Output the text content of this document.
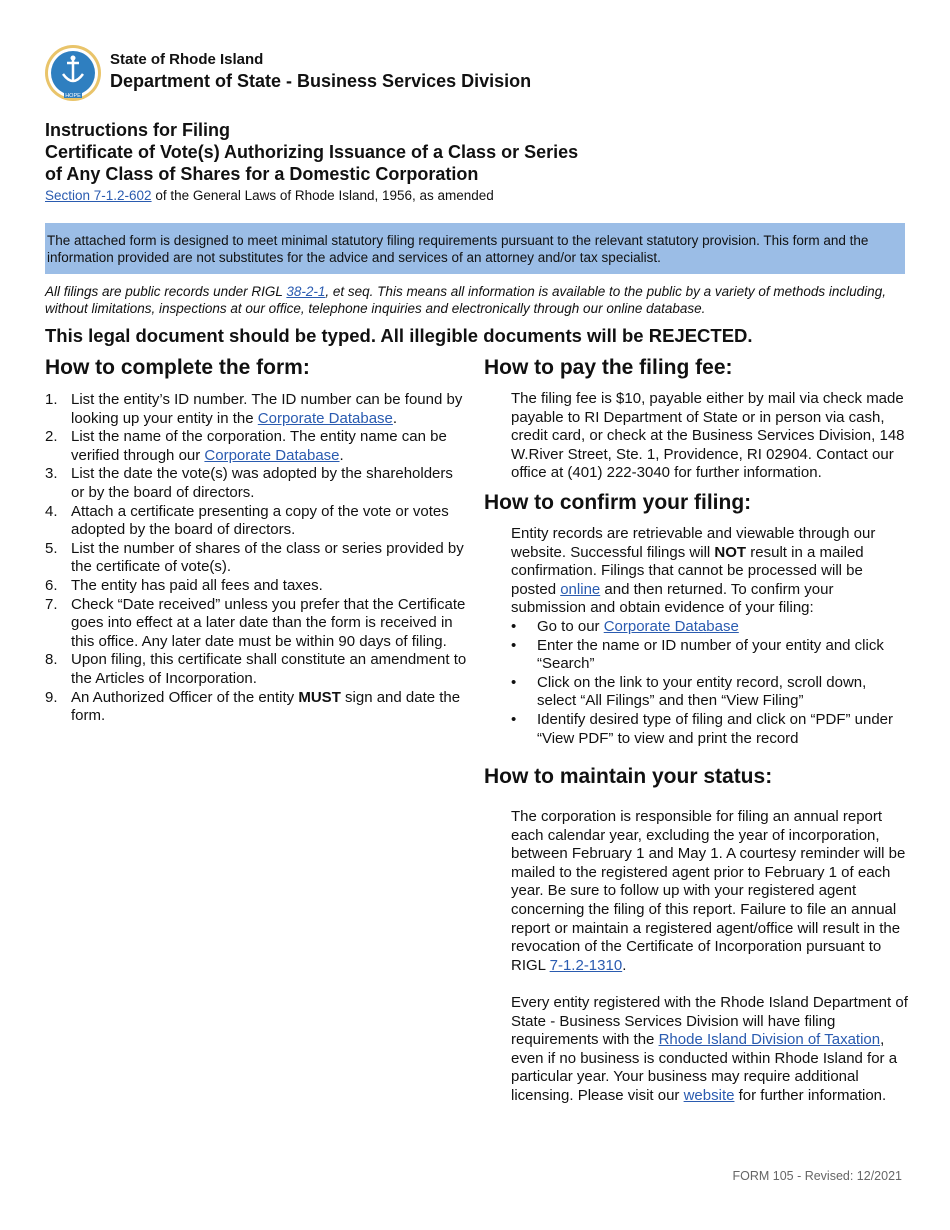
HOPE
State of Rhode Island
Department of State - Business Services Division
Instructions for Filing
Certificate of Vote(s) Authorizing Issuance of a Class or Series
of Any Class of Shares for a Domestic Corporation
Section 7-1.2-602 of the General Laws of Rhode Island, 1956, as amended
The attached form is designed to meet minimal statutory filing requirements pursuant to the relevant statutory provision. This form and the information provided are not substitutes for the advice and services of an attorney and/or tax specialist.
All filings are public records under RIGL 38-2-1, et seq. This means all information is available to the public by a variety of methods including, without limitations, inspections at our office, telephone inquiries and electronically through our online database.
This legal document should be typed. All illegible documents will be REJECTED.
How to complete the form:
1. List the entity’s ID number. The ID number can be found by looking up your entity in the Corporate Database.
2. List the name of the corporation. The entity name can be verified through our Corporate Database.
3. List the date the vote(s) was adopted by the shareholders or by the board of directors.
4. Attach a certificate presenting a copy of the vote or votes adopted by the board of directors.
5. List the number of shares of the class or series provided by the certificate of vote(s).
6. The entity has paid all fees and taxes.
7. Check “Date received” unless you prefer that the Certificate goes into effect at a later date than the form is received in this office. Any later date must be within 90 days of filing.
8. Upon filing, this certificate shall constitute an amendment to the Articles of Incorporation.
9. An Authorized Officer of the entity MUST sign and date the form.
How to pay the filing fee:
The filing fee is $10, payable either by mail via check made payable to RI Department of State or in person via cash, credit card, or check at the Business Services Division, 148 W.River Street, Ste. 1, Providence, RI 02904. Contact our office at (401) 222-3040 for further information.
How to confirm your filing:
Entity records are retrievable and viewable through our website. Successful filings will NOT result in a mailed confirmation. Filings that cannot be processed will be posted online and then returned. To confirm your submission and obtain evidence of your filing:
•	Go to our Corporate Database
•	Enter the name or ID number of your entity and click “Search”
•	Click on the link to your entity record, scroll down, select “All Filings” and then “View Filing”
•	Identify desired type of filing and click on “PDF” under “View PDF” to view and print the record
How to maintain your status:
The corporation is responsible for filing an annual report each calendar year, excluding the year of incorporation, between February 1 and May 1. A courtesy reminder will be mailed to the registered agent prior to February 1 of each year. Be sure to follow up with your registered agent concerning the filing of this report. Failure to file an annual report or maintain a registered agent/office will result in the revocation of the Certificate of Incorporation pursuant to RIGL 7-1.2-1310.
Every entity registered with the Rhode Island Department of State - Business Services Division will have filing requirements with the Rhode Island Division of Taxation, even if no business is conducted within Rhode Island for a particular year. Your business may require additional licensing. Please visit our website for further information.
FORM 105 - Revised: 12/2021
